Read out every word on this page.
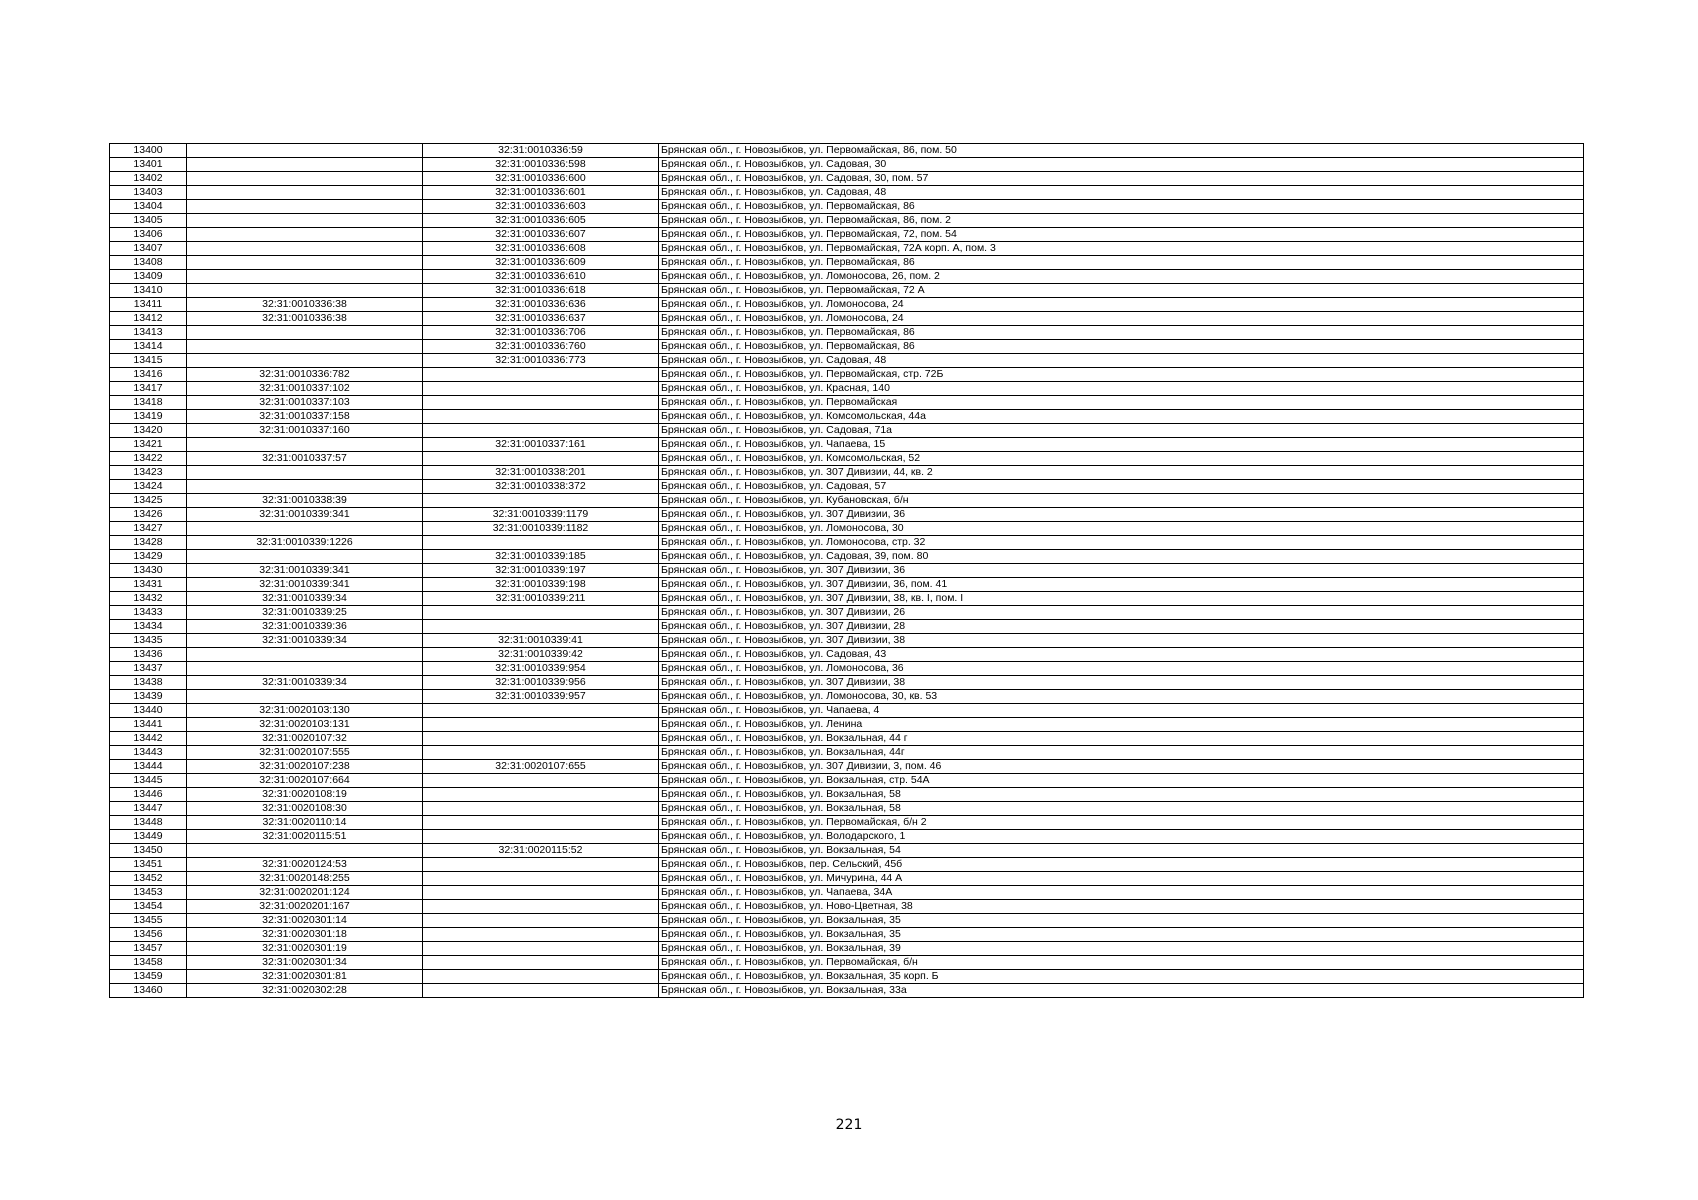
13400		32:31:0010336:59	Брянская обл., г. Новозыбков, ул. Первомайская, 86, пом. 50
13401		32:31:0010336:598	Брянская обл., г. Новозыбков, ул. Садовая, 30
13402		32:31:0010336:600	Брянская обл., г. Новозыбков, ул. Садовая, 30, пом. 57
13403		32:31:0010336:601	Брянская обл., г. Новозыбков, ул. Садовая, 48
13404		32:31:0010336:603	Брянская обл., г. Новозыбков, ул. Первомайская, 86
13405		32:31:0010336:605	Брянская обл., г. Новозыбков, ул. Первомайская, 86, пом. 2
13406		32:31:0010336:607	Брянская обл., г. Новозыбков, ул. Первомайская, 72, пом. 54
13407		32:31:0010336:608	Брянская обл., г. Новозыбков, ул. Первомайская, 72А корп. А, пом. 3
13408		32:31:0010336:609	Брянская обл., г. Новозыбков, ул. Первомайская, 86
13409		32:31:0010336:610	Брянская обл., г. Новозыбков, ул. Ломоносова, 26, пом. 2
13410		32:31:0010336:618	Брянская обл., г. Новозыбков, ул. Первомайская, 72 А
13411	32:31:0010336:38	32:31:0010336:636	Брянская обл., г. Новозыбков, ул. Ломоносова, 24
13412	32:31:0010336:38	32:31:0010336:637	Брянская обл., г. Новозыбков, ул. Ломоносова, 24
13413		32:31:0010336:706	Брянская обл., г. Новозыбков, ул. Первомайская, 86
13414		32:31:0010336:760	Брянская обл., г. Новозыбков, ул. Первомайская, 86
13415		32:31:0010336:773	Брянская обл., г. Новозыбков, ул. Садовая, 48
13416	32:31:0010336:782		Брянская обл., г. Новозыбков, ул. Первомайская, стр. 72Б
13417	32:31:0010337:102		Брянская обл., г. Новозыбков, ул. Красная, 140
13418	32:31:0010337:103		Брянская обл., г. Новозыбков, ул. Первомайская
13419	32:31:0010337:158		Брянская обл., г. Новозыбков, ул. Комсомольская, 44а
13420	32:31:0010337:160		Брянская обл., г. Новозыбков, ул. Садовая, 71а
13421		32:31:0010337:161	Брянская обл., г. Новозыбков, ул. Чапаева, 15
13422	32:31:0010337:57		Брянская обл., г. Новозыбков, ул. Комсомольская, 52
13423		32:31:0010338:201	Брянская обл., г. Новозыбков, ул. 307 Дивизии, 44, кв. 2
13424		32:31:0010338:372	Брянская обл., г. Новозыбков, ул. Садовая, 57
13425	32:31:0010338:39		Брянская обл., г. Новозыбков, ул. Кубановская, б/н
13426	32:31:0010339:341	32:31:0010339:1179	Брянская обл., г. Новозыбков, ул. 307 Дивизии, 36
13427		32:31:0010339:1182	Брянская обл., г. Новозыбков, ул. Ломоносова, 30
13428	32:31:0010339:1226		Брянская обл., г. Новозыбков, ул. Ломоносова, стр. 32
13429		32:31:0010339:185	Брянская обл., г. Новозыбков, ул. Садовая, 39, пом. 80
13430	32:31:0010339:341	32:31:0010339:197	Брянская обл., г. Новозыбков, ул. 307 Дивизии, 36
13431	32:31:0010339:341	32:31:0010339:198	Брянская обл., г. Новозыбков, ул. 307 Дивизии, 36, пом. 41
13432	32:31:0010339:34	32:31:0010339:211	Брянская обл., г. Новозыбков, ул. 307 Дивизии, 38, кв. I, пом. I
13433	32:31:0010339:25		Брянская обл., г. Новозыбков, ул. 307 Дивизии, 26
13434	32:31:0010339:36		Брянская обл., г. Новозыбков, ул. 307 Дивизии, 28
13435	32:31:0010339:34	32:31:0010339:41	Брянская обл., г. Новозыбков, ул. 307 Дивизии, 38
13436		32:31:0010339:42	Брянская обл., г. Новозыбков, ул. Садовая, 43
13437		32:31:0010339:954	Брянская обл., г. Новозыбков, ул. Ломоносова, 36
13438	32:31:0010339:34	32:31:0010339:956	Брянская обл., г. Новозыбков, ул. 307 Дивизии, 38
13439		32:31:0010339:957	Брянская обл., г. Новозыбков, ул. Ломоносова, 30, кв. 53
13440	32:31:0020103:130		Брянская обл., г. Новозыбков, ул. Чапаева, 4
13441	32:31:0020103:131		Брянская обл., г. Новозыбков, ул. Ленина
13442	32:31:0020107:32		Брянская обл., г. Новозыбков, ул. Вокзальная, 44 г
13443	32:31:0020107:555		Брянская обл., г. Новозыбков, ул. Вокзальная, 44г
13444	32:31:0020107:238	32:31:0020107:655	Брянская обл., г. Новозыбков, ул. 307 Дивизии, 3, пом. 46
13445	32:31:0020107:664		Брянская обл., г. Новозыбков, ул. Вокзальная, стр. 54А
13446	32:31:0020108:19		Брянская обл., г. Новозыбков, ул. Вокзальная, 58
13447	32:31:0020108:30		Брянская обл., г. Новозыбков, ул. Вокзальная, 58
13448	32:31:0020110:14		Брянская обл., г. Новозыбков, ул. Первомайская, б/н 2
13449	32:31:0020115:51		Брянская обл., г. Новозыбков, ул. Володарского, 1
13450		32:31:0020115:52	Брянская обл., г. Новозыбков, ул. Вокзальная, 54
13451	32:31:0020124:53		Брянская обл., г. Новозыбков, пер. Сельский, 45б
13452	32:31:0020148:255		Брянская обл., г. Новозыбков, ул. Мичурина, 44 А
13453	32:31:0020201:124		Брянская обл., г. Новозыбков, ул. Чапаева, 34А
13454	32:31:0020201:167		Брянская обл., г. Новозыбков, ул. Ново-Цветная, 38
13455	32:31:0020301:14		Брянская обл., г. Новозыбков, ул. Вокзальная, 35
13456	32:31:0020301:18		Брянская обл., г. Новозыбков, ул. Вокзальная, 35
13457	32:31:0020301:19		Брянская обл., г. Новозыбков, ул. Вокзальная, 39
13458	32:31:0020301:34		Брянская обл., г. Новозыбков, ул. Первомайская, б/н
13459	32:31:0020301:81		Брянская обл., г. Новозыбков, ул. Вокзальная, 35 корп. Б
13460	32:31:0020302:28		Брянская обл., г. Новозыбков, ул. Вокзальная, 33а
221
